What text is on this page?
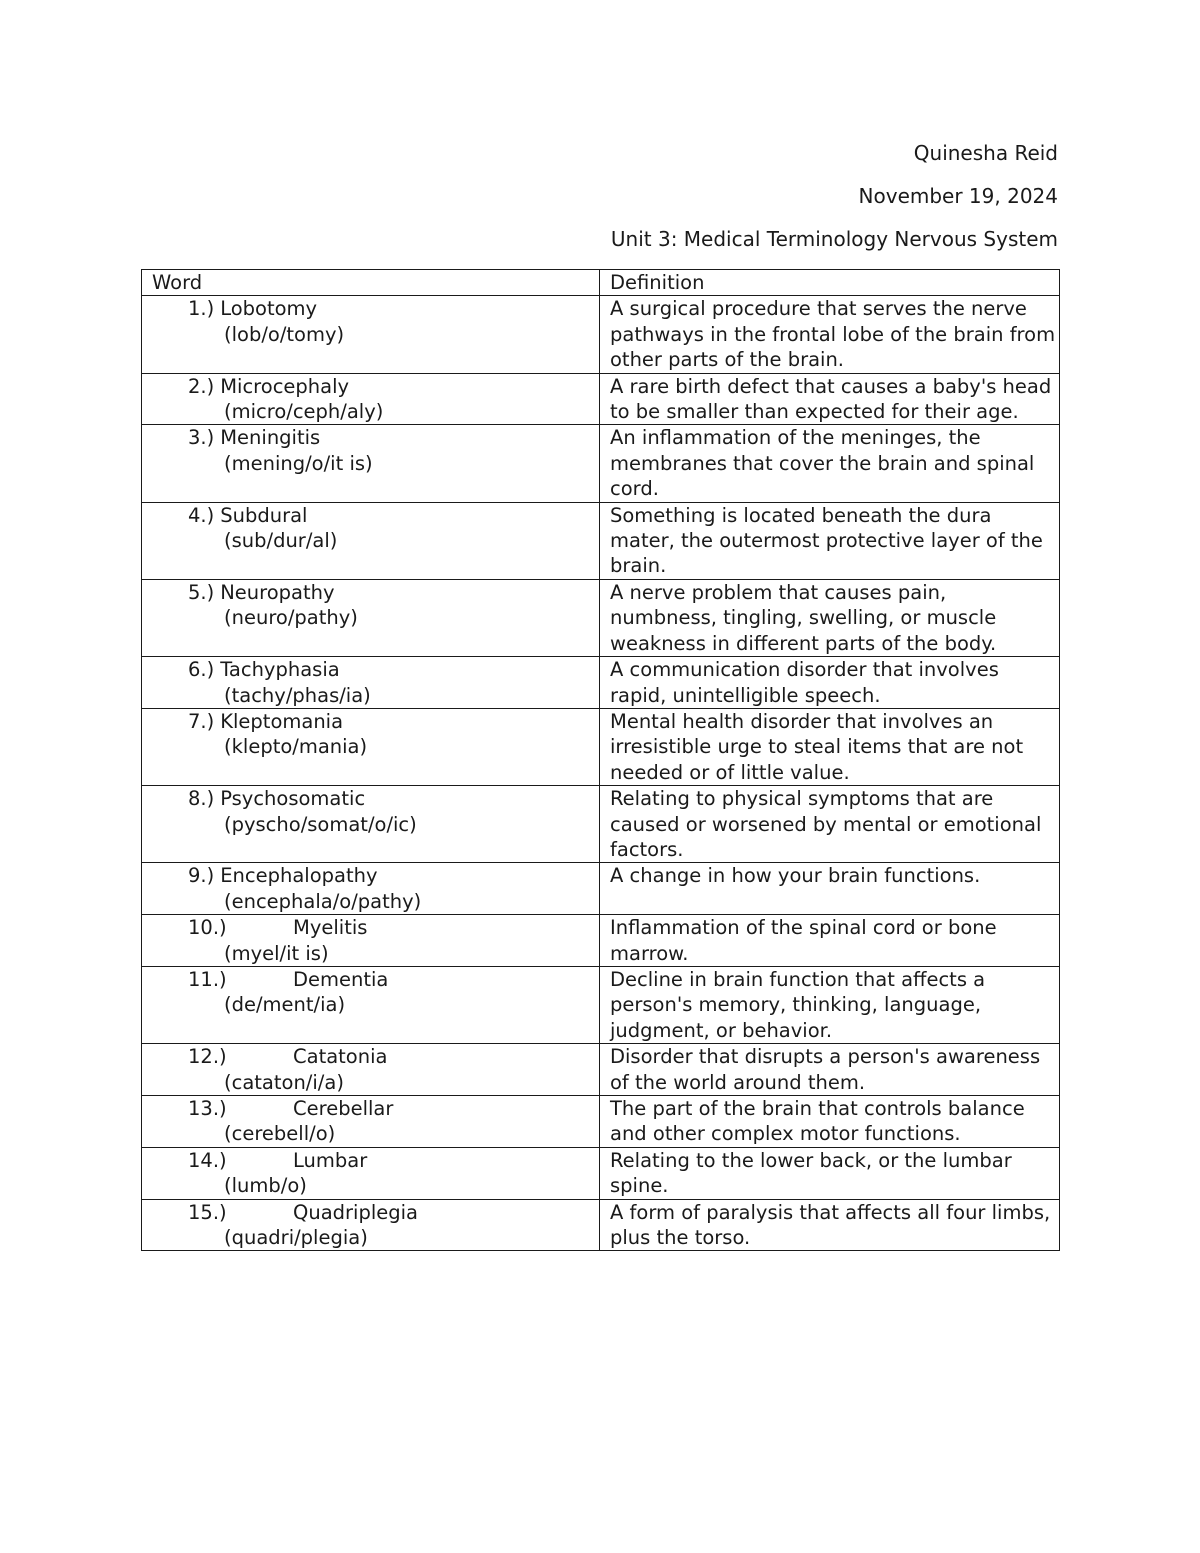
Quinesha Reid
November 19, 2024
Unit 3: Medical Terminology Nervous System
Word	Definition

1.) Lobotomy
(lob/o/tomy)	A surgical procedure that serves the nerve pathways in the frontal lobe of the brain from other parts of the brain.

2.) Microcephaly
(micro/ceph/aly)	A rare birth defect that causes a baby's head to be smaller than expected for their age.

3.) Meningitis
(mening/o/it is)	An inflammation of the meninges, the membranes that cover the brain and spinal cord.

4.) Subdural
(sub/dur/al)	Something is located beneath the dura mater, the outermost protective layer of the brain.

5.) Neuropathy
(neuro/pathy)	A nerve problem that causes pain, numbness, tingling, swelling, or muscle weakness in different parts of the body.

6.) Tachyphasia
(tachy/phas/ia)	A communication disorder that involves rapid, unintelligible speech.

7.) Kleptomania
(klepto/mania)	Mental health disorder that involves an irresistible urge to steal items that are not needed or of little value.

8.) Psychosomatic
(pyscho/somat/o/ic)	Relating to physical symptoms that are caused or worsened by mental or emotional factors.

9.) Encephalopathy
(encephala/o/pathy)	A change in how your brain functions.

10.) Myelitis
(myel/it is)	Inflammation of the spinal cord or bone marrow.

11.) Dementia
(de/ment/ia)	Decline in brain function that affects a person's memory, thinking, language, judgment, or behavior.

12.) Catatonia
(cataton/i/a)	Disorder that disrupts a person's awareness of the world around them.

13.) Cerebellar
(cerebell/o)	The part of the brain that controls balance and other complex motor functions.

14.) Lumbar
(lumb/o)	Relating to the lower back, or the lumbar spine.

15.) Quadriplegia
(quadri/plegia)	A form of paralysis that affects all four limbs, plus the torso.
